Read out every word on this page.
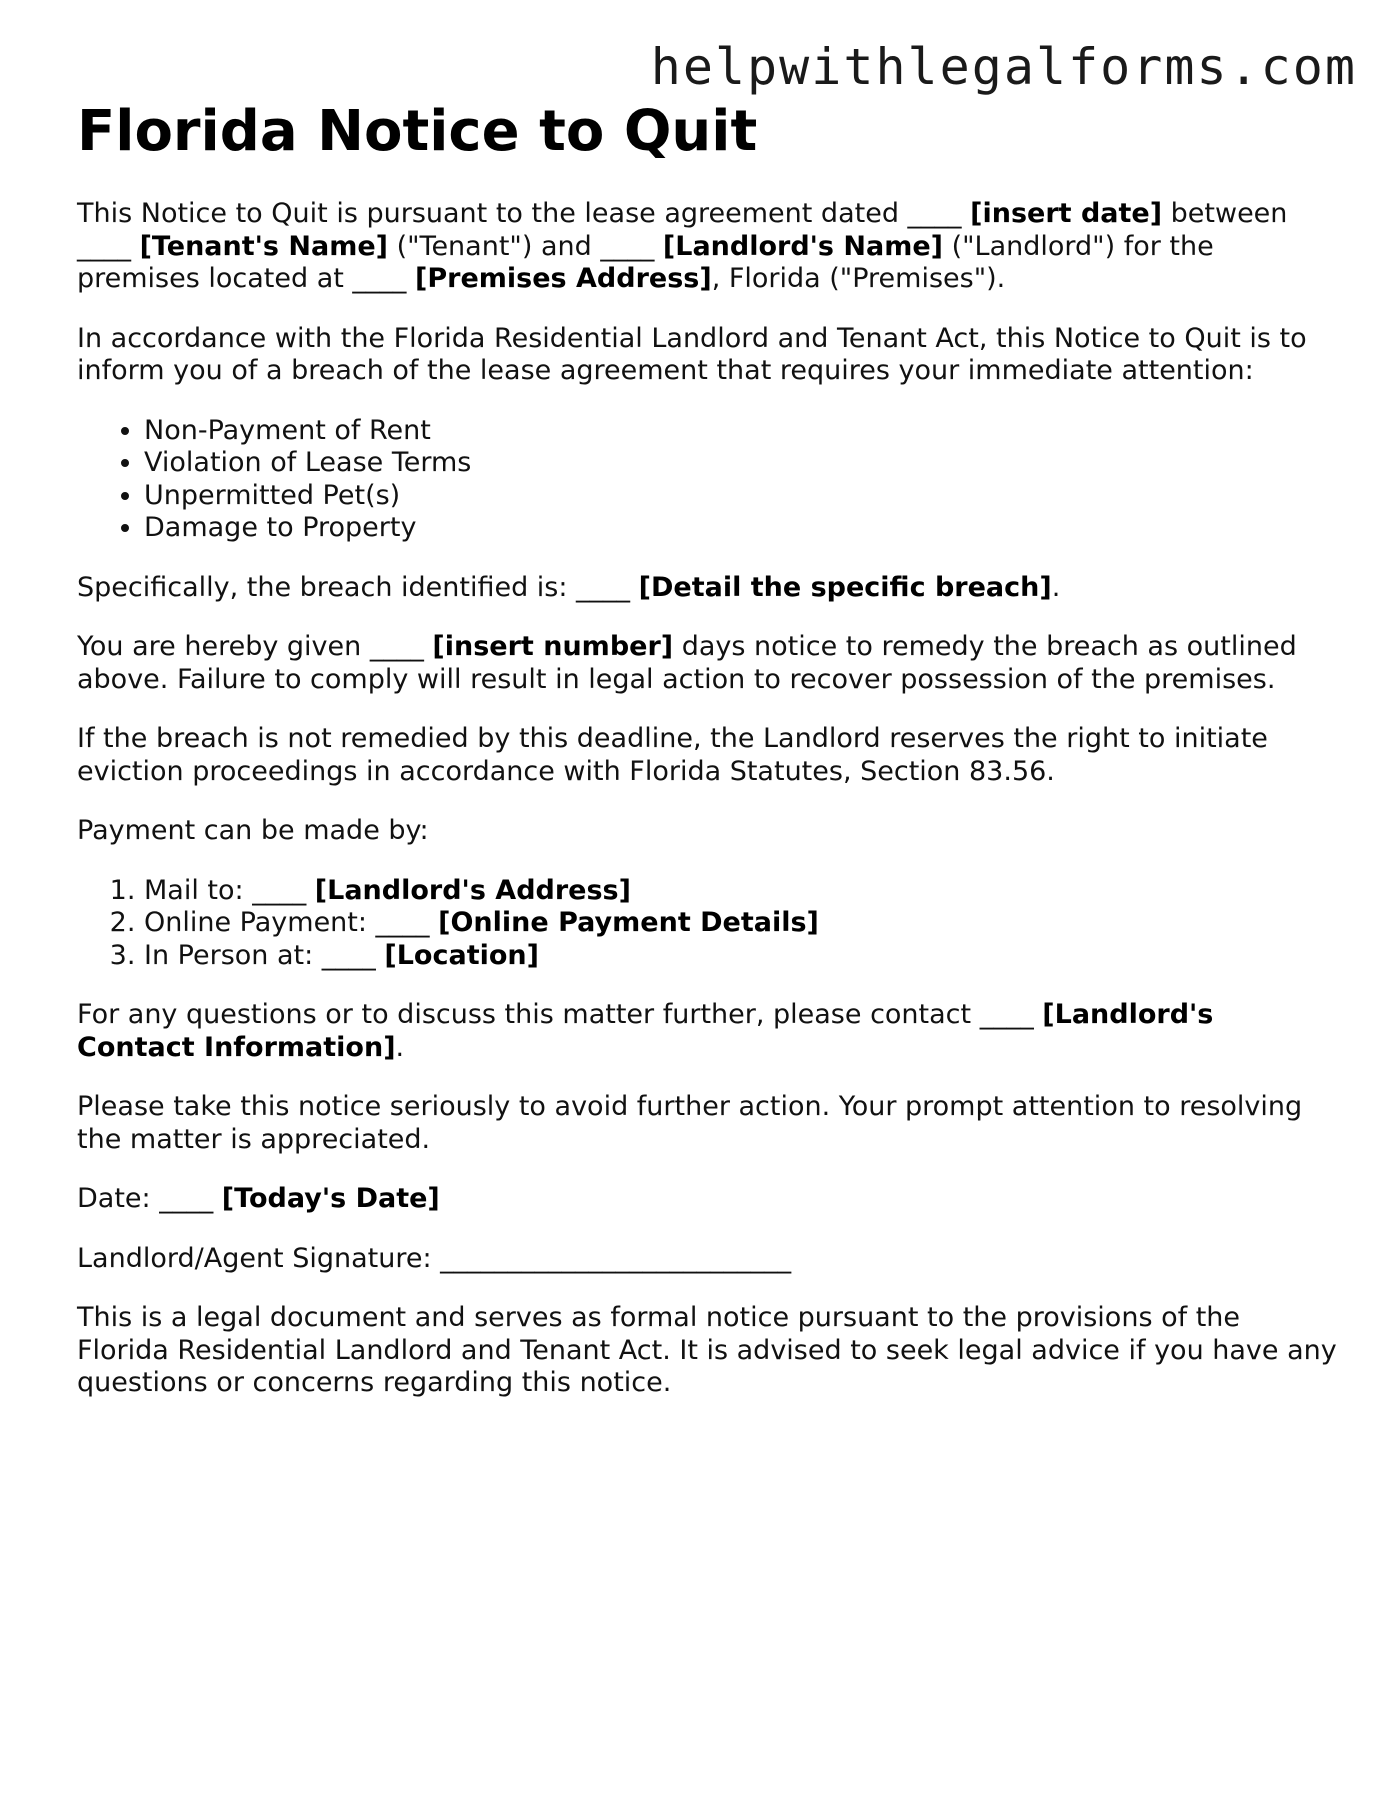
helpwithlegalforms.com
Florida Notice to Quit

This Notice to Quit is pursuant to the lease agreement dated ____ [insert date] between ____ [Tenant's Name] ("Tenant") and ____ [Landlord's Name] ("Landlord") for the premises located at ____ [Premises Address], Florida ("Premises").

In accordance with the Florida Residential Landlord and Tenant Act, this Notice to Quit is to inform you of a breach of the lease agreement that requires your immediate attention:

• Non-Payment of Rent
• Violation of Lease Terms
• Unpermitted Pet(s)
• Damage to Property

Specifically, the breach identified is: ____ [Detail the specific breach].

You are hereby given ____ [insert number] days notice to remedy the breach as outlined above. Failure to comply will result in legal action to recover possession of the premises.

If the breach is not remedied by this deadline, the Landlord reserves the right to initiate eviction proceedings in accordance with Florida Statutes, Section 83.56.

Payment can be made by:

1. Mail to: ____ [Landlord's Address]
2. Online Payment: ____ [Online Payment Details]
3. In Person at: ____ [Location]

For any questions or to discuss this matter further, please contact ____ [Landlord's Contact Information].

Please take this notice seriously to avoid further action. Your prompt attention to resolving the matter is appreciated.

Date: ____ [Today's Date]

Landlord/Agent Signature: __________________________

This is a legal document and serves as formal notice pursuant to the provisions of the Florida Residential Landlord and Tenant Act. It is advised to seek legal advice if you have any questions or concerns regarding this notice.
